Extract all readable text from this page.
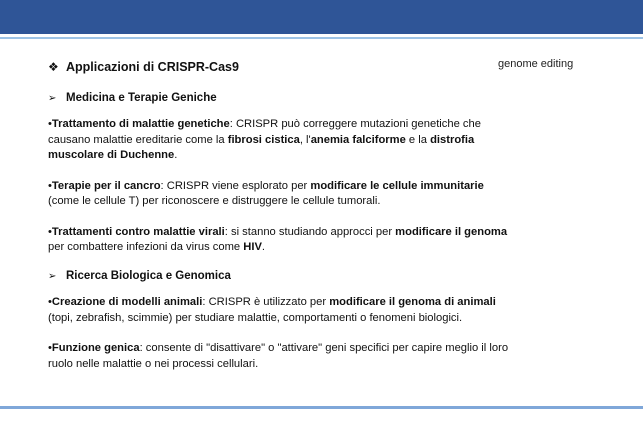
genome editing

❖ Applicazioni di CRISPR-Cas9

➢ Medicina e Terapie Geniche

•Trattamento di malattie genetiche: CRISPR può correggere mutazioni genetiche che causano malattie ereditarie come la fibrosi cistica, l'anemia falciforme e la distrofia muscolare di Duchenne.

•Terapie per il cancro: CRISPR viene esplorato per modificare le cellule immunitarie (come le cellule T) per riconoscere e distruggere le cellule tumorali.

•Trattamenti contro malattie virali: si stanno studiando approcci per modificare il genoma per combattere infezioni da virus come HIV.

➢ Ricerca Biologica e Genomica

•Creazione di modelli animali: CRISPR è utilizzato per modificare il genoma di animali (topi, zebrafish, scimmie) per studiare malattie, comportamenti o fenomeni biologici.

•Funzione genica: consente di "disattivare" o "attivare" geni specifici per capire meglio il loro ruolo nelle malattie o nei processi cellulari.
